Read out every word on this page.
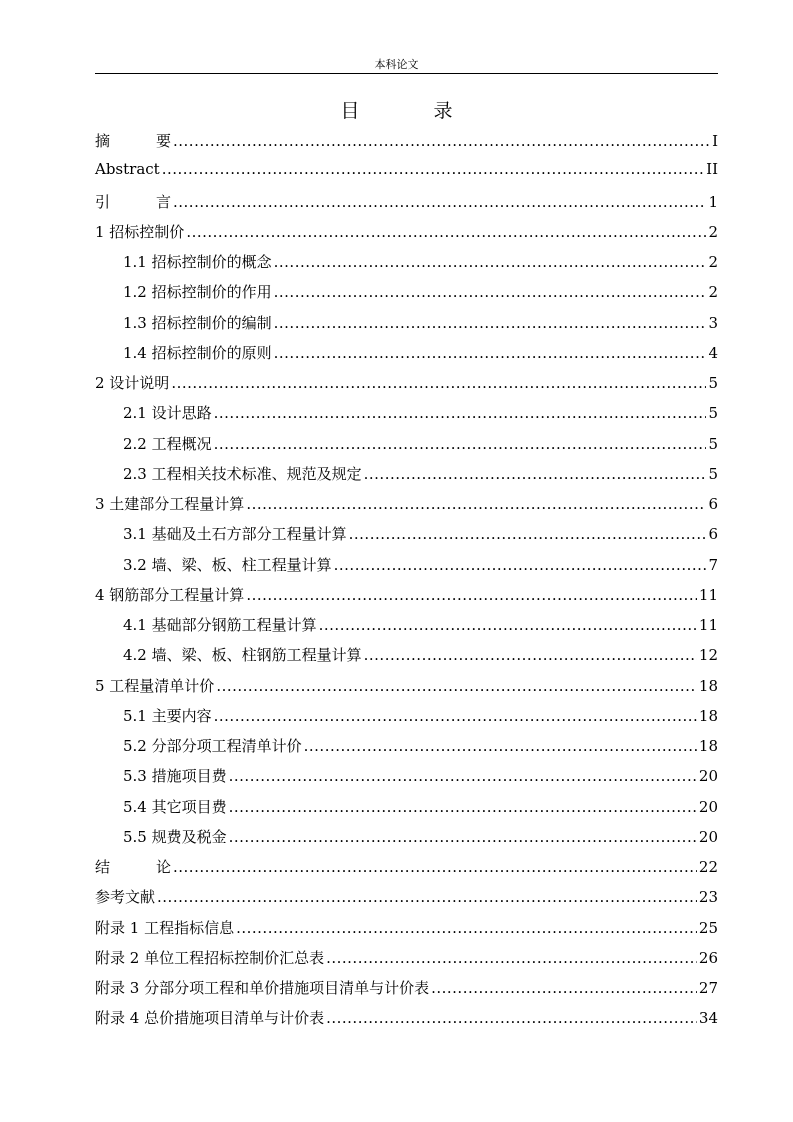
本科论文
目 录
摘 要 .....	I
Abstract .....	II
引 言 .....	1
1 招标控制价 .....	2
1.1 招标控制价的概念 .....	2
1.2 招标控制价的作用 .....	2
1.3 招标控制价的编制 .....	3
1.4 招标控制价的原则 .....	4
2 设计说明 .....	5
2.1 设计思路 .....	5
2.2 工程概况 .....	5
2.3 工程相关技术标准、规范及规定 .....	5
3 土建部分工程量计算 .....	6
3.1 基础及土石方部分工程量计算 .....	6
3.2 墙、梁、板、柱工程量计算 .....	7
4 钢筋部分工程量计算 .....	11
4.1 基础部分钢筋工程量计算 .....	11
4.2 墙、梁、板、柱钢筋工程量计算 .....	12
5 工程量清单计价 .....	18
5.1 主要内容 .....	18
5.2 分部分项工程清单计价 .....	18
5.3 措施项目费 .....	20
5.4 其它项目费 .....	20
5.5 规费及税金 .....	20
结 论 .....	22
参考文献 .....	23
附录 1 工程指标信息 .....	25
附录 2 单位工程招标控制价汇总表 .....	26
附录 3 分部分项工程和单价措施项目清单与计价表 .....	27
附录 4 总价措施项目清单与计价表 .....	34
